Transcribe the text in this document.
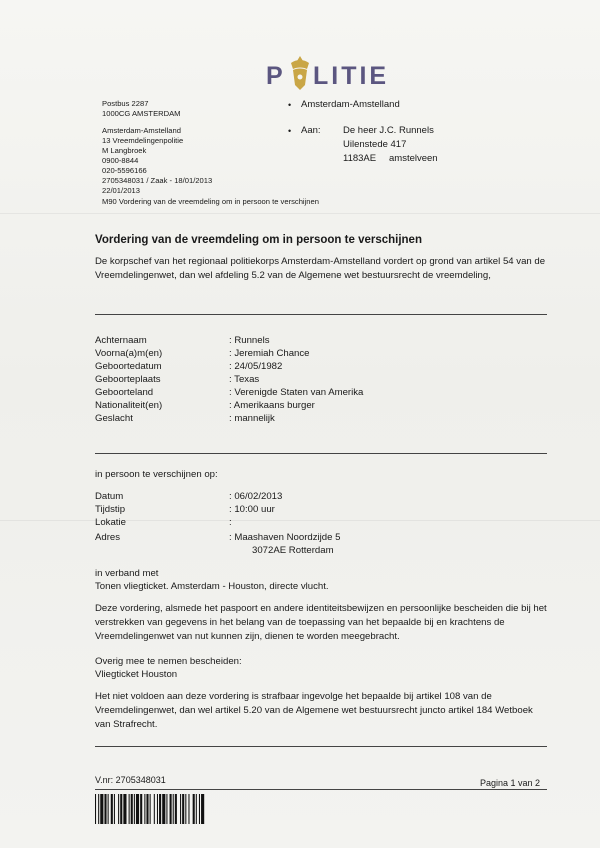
P LITIE
Postbus 2287
1000CG AMSTERDAM
Amsterdam-Amstelland
13 Vreemdelingenpolitie
M Langbroek
0900-8844
020-5596166
2705348031 / Zaak - 18/01/2013
22/01/2013
M90 Vordering van de vreemdeling om in persoon te verschijnen
• Amsterdam-Amstelland
• Aan: De heer J.C. Runnels
Uilenstede 417
1183AE amstelveen
Vordering van de vreemdeling om in persoon te verschijnen
De korpschef van het regionaal politiekorps Amsterdam-Amstelland vordert op grond van artikel 54 van de Vreemdelingenwet, dan wel afdeling 5.2 van de Algemene wet bestuursrecht de vreemdeling,
Achternaam	: Runnels
Voorna(a)m(en)	: Jeremiah Chance
Geboortedatum	: 24/05/1982
Geboorteplaats	: Texas
Geboorteland	: Verenigde Staten van Amerika
Nationaliteit(en)	: Amerikaans burger
Geslacht	: mannelijk
in persoon te verschijnen op:
Datum	: 06/02/2013
Tijdstip	: 10:00 uur
Lokatie	:
Adres	: Maashaven Noordzijde 5
3072AE Rotterdam
in verband met
Tonen vliegticket. Amsterdam - Houston, directe vlucht.
Deze vordering, alsmede het paspoort en andere identiteitsbewijzen en persoonlijke bescheiden die bij het verstrekken van gegevens in het belang van de toepassing van het bepaalde bij en krachtens de Vreemdelingenwet van nut kunnen zijn, dienen te worden meegebracht.
Overig mee te nemen bescheiden:
Vliegticket Houston
Het niet voldoen aan deze vordering is strafbaar ingevolge het bepaalde bij artikel 108 van de Vreemdelingenwet, dan wel artikel 5.20 van de Algemene wet bestuursrecht juncto artikel 184 Wetboek van Strafrecht.
V.nr: 2705348031	Pagina 1 van 2
